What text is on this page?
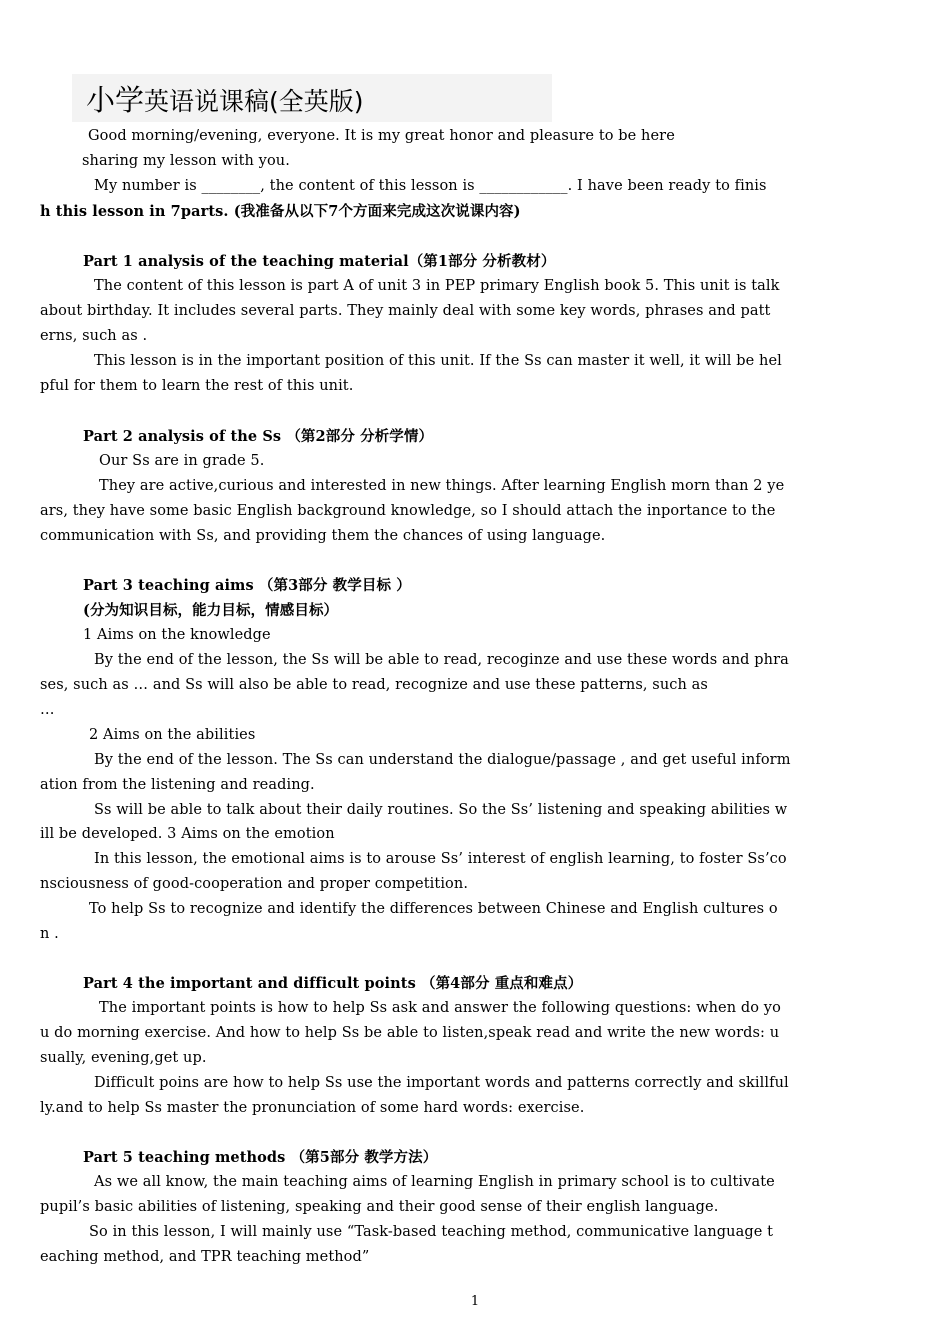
小学英语说课稿(全英版)
Good morning/evening, everyone. It is my great honor and pleasure to be here
sharing my lesson with you.
My number is ________, the content of this lesson is ____________. I have been ready to finis
h this lesson in 7parts. (我准备从以下7个方面来完成这次说课内容)
Part 1 analysis of the teaching material（第1部分 分析教材）
The content of this lesson is part A of unit 3 in PEP primary English book 5. This unit is talk
about birthday. It includes several parts. They mainly deal with some key words, phrases and patt
erns, such as .
This lesson is in the important position of this unit. If the Ss can master it well, it will be hel
pful for them to learn the rest of this unit.
Part 2 analysis of the Ss （第2部分 分析学情）
Our Ss are in grade 5.
They are active,curious and interested in new things. After learning English morn than 2 ye
ars, they have some basic English background knowledge, so I should attach the inportance to the
communication with Ss, and providing them the chances of using language.
Part 3 teaching aims （第3部分 教学目标 ）
(分为知识目标，能力目标，情感目标）
1 Aims on the knowledge
By the end of the lesson, the Ss will be able to read, recoginze and use these words and phra
ses, such as … and Ss will also be able to read, recognize and use these patterns, such as
…
2 Aims on the abilities
By the end of the lesson. The Ss can understand the dialogue/passage , and get useful inform
ation from the listening and reading.
Ss will be able to talk about their daily routines. So the Ss’ listening and speaking abilities w
ill be developed. 3 Aims on the emotion
In this lesson, the emotional aims is to arouse Ss’ interest of english learning, to foster Ss’co
nsciousness of good-cooperation and proper competition.
To help Ss to recognize and identify the differences between Chinese and English cultures o
n .
Part 4 the important and difficult points （第4部分 重点和难点）
The important points is how to help Ss ask and answer the following questions: when do yo
u do morning exercise. And how to help Ss be able to listen,speak read and write the new words: u
sually, evening,get up.
Difficult poins are how to help Ss use the important words and patterns correctly and skillful
ly.and to help Ss master the pronunciation of some hard words: exercise.
Part 5 teaching methods （第5部分 教学方法）
As we all know, the main teaching aims of learning English in primary school is to cultivate
pupil’s basic abilities of listening, speaking and their good sense of their english language.
So in this lesson, I will mainly use “Task-based teaching method, communicative language t
eaching method, and TPR teaching method”
1
